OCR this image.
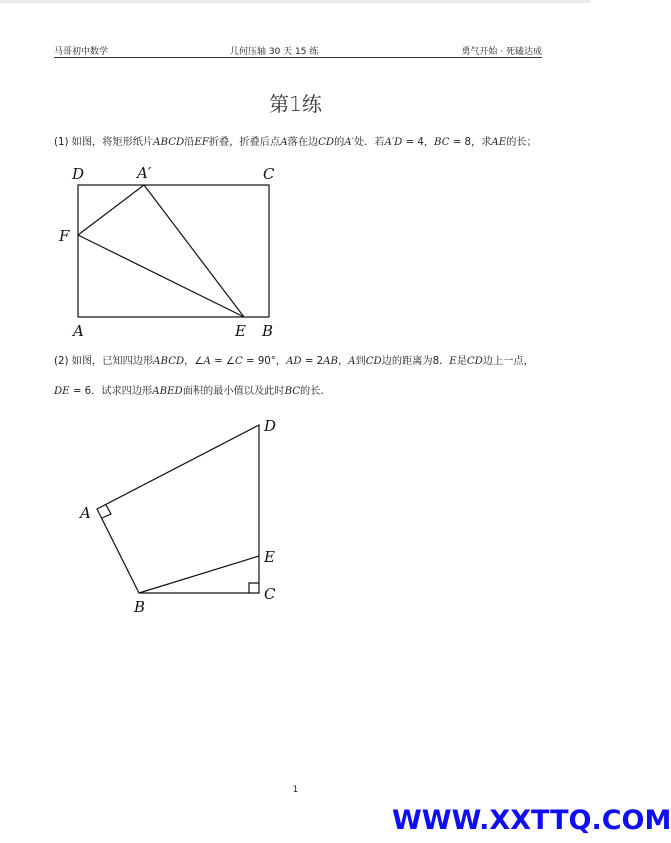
马哥初中数学	几何压轴 30 天 15 练	勇气开始 · 死磕达成
第1练
(1) 如图，将矩形纸片ABCD沿EF折叠，折叠后点A落在边CD的A′处．若A′D = 4，BC = 8，求AE的长；
D	A′	C
F
A	E B
D
A
E
B
C
(2) 如图，已知四边形ABCD，∠A = ∠C = 90°，AD = 2AB，A到CD边的距离为8．E是CD边上一点，DE = 6．试求四边形ABED面积的最小值以及此时BC的长．
1
WWW.XXTTQ.COM
